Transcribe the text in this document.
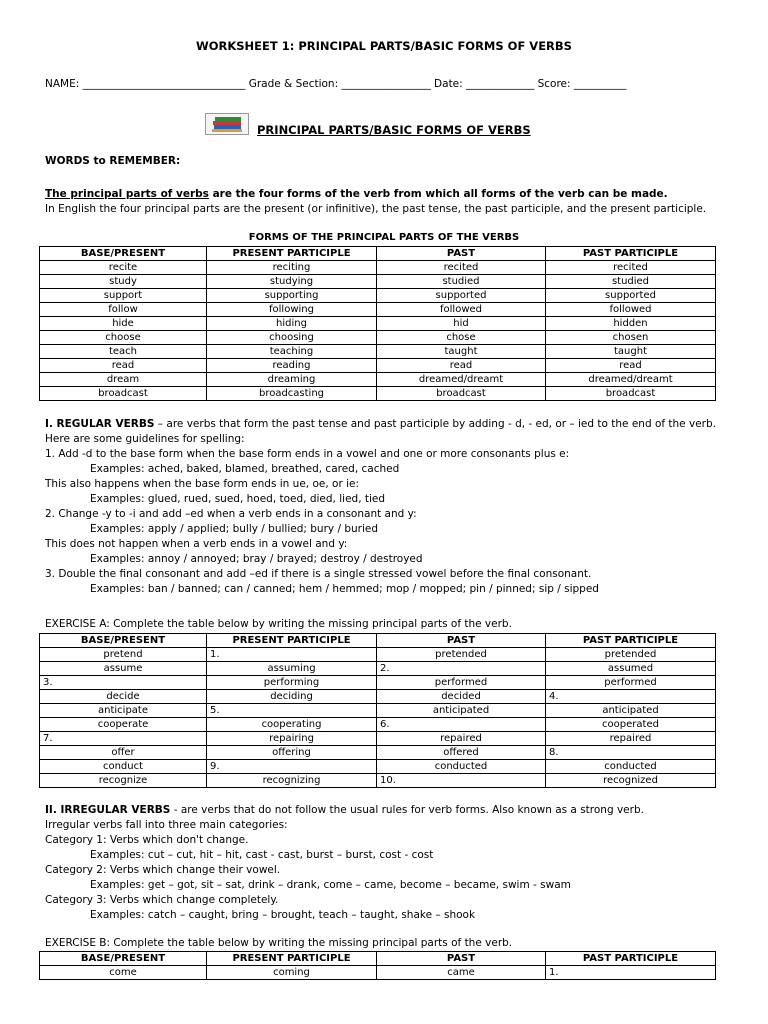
WORKSHEET 1: PRINCIPAL PARTS/BASIC FORMS OF VERBS
NAME: _______________________________ Grade & Section: _________________ Date: _____________ Score: __________
PRINCIPAL PARTS/BASIC FORMS OF VERBS
WORDS to REMEMBER:
The principal parts of verbs are the four forms of the verb from which all forms of the verb can be made.
In English the four principal parts are the present (or infinitive), the past tense, the past participle, and the present participle.
FORMS OF THE PRINCIPAL PARTS OF THE VERBS
BASE/PRESENT	PRESENT PARTICIPLE	PAST	PAST PARTICIPLE
recite	reciting	recited	recited
study	studying	studied	studied
support	supporting	supported	supported
follow	following	followed	followed
hide	hiding	hid	hidden
choose	choosing	chose	chosen
teach	teaching	taught	taught
read	reading	read	read
dream	dreaming	dreamed/dreamt	dreamed/dreamt
broadcast	broadcasting	broadcast	broadcast
I. REGULAR VERBS – are verbs that form the past tense and past participle by adding - d, - ed, or – ied to the end of the verb.
Here are some guidelines for spelling:
1. Add -d to the base form when the base form ends in a vowel and one or more consonants plus e:
Examples: ached, baked, blamed, breathed, cared, cached
This also happens when the base form ends in ue, oe, or ie:
Examples: glued, rued, sued, hoed, toed, died, lied, tied
2. Change -y to -i and add –ed when a verb ends in a consonant and y:
Examples: apply / applied; bully / bullied; bury / buried
This does not happen when a verb ends in a vowel and y:
Examples: annoy / annoyed; bray / brayed; destroy / destroyed
3. Double the final consonant and add –ed if there is a single stressed vowel before the final consonant.
Examples: ban / banned; can / canned; hem / hemmed; mop / mopped; pin / pinned; sip / sipped
EXERCISE A: Complete the table below by writing the missing principal parts of the verb.
BASE/PRESENT	PRESENT PARTICIPLE	PAST	PAST PARTICIPLE
pretend	1.	pretended	pretended
assume	assuming	2.	assumed
3.	performing	performed	performed
decide	deciding	decided	4.
anticipate	5.	anticipated	anticipated
cooperate	cooperating	6.	cooperated
7.	repairing	repaired	repaired
offer	offering	offered	8.
conduct	9.	conducted	conducted
recognize	recognizing	10.	recognized
II. IRREGULAR VERBS - are verbs that do not follow the usual rules for verb forms. Also known as a strong verb.
Irregular verbs fall into three main categories:
Category 1: Verbs which don't change.
Examples: cut – cut, hit – hit, cast - cast, burst – burst, cost - cost
Category 2: Verbs which change their vowel.
Examples: get – got, sit – sat, drink – drank, come – came, become – became, swim - swam
Category 3: Verbs which change completely.
Examples: catch – caught, bring – brought, teach – taught, shake – shook
EXERCISE B: Complete the table below by writing the missing principal parts of the verb.
BASE/PRESENT	PRESENT PARTICIPLE	PAST	PAST PARTICIPLE
come	coming	came	1.
